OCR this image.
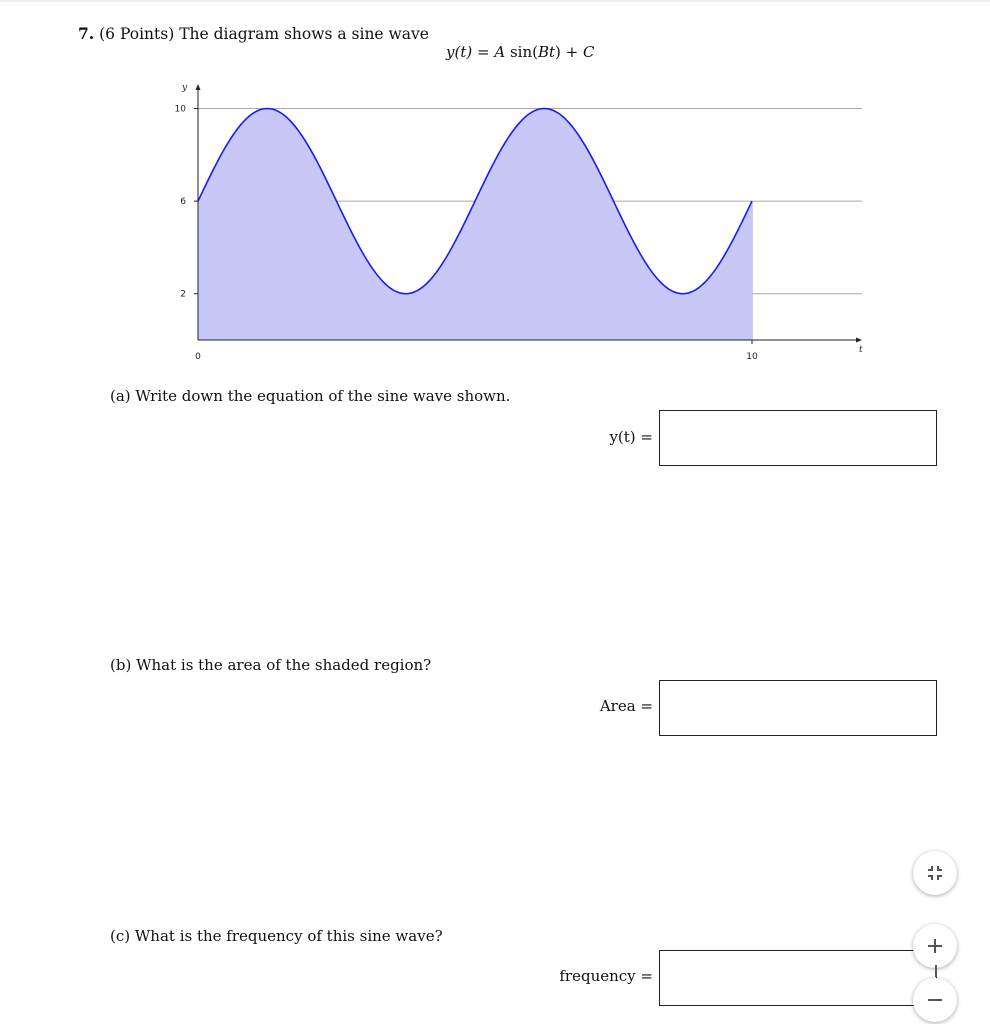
7. (6 Points) The diagram shows a sine wave
y(t) = A sin(Bt) + C
2
6
10
0	10
y
t
(a) Write down the equation of the sine wave shown.
y(t) =
(b) What is the area of the shaded region?
Area =
(c) What is the frequency of this sine wave?
frequency =
